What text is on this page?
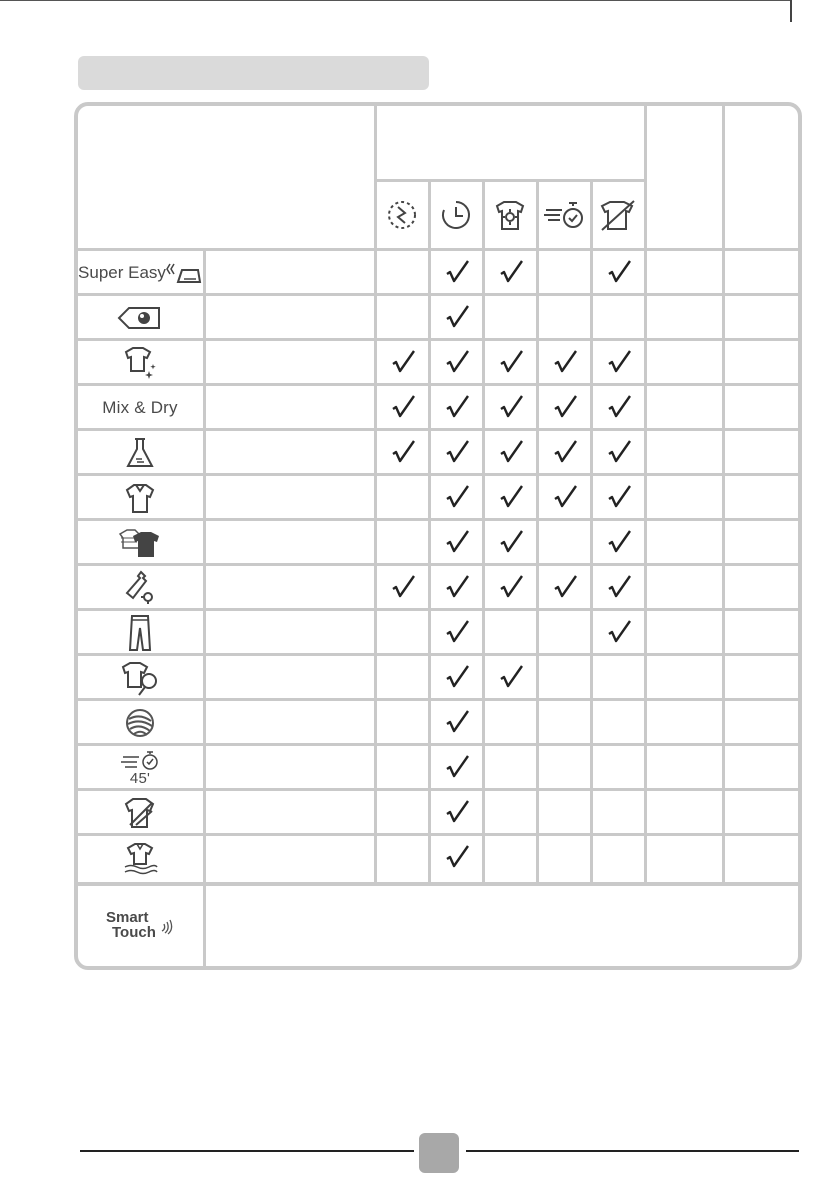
Super Easy
Mix & Dry
45'
Smart
Touch
